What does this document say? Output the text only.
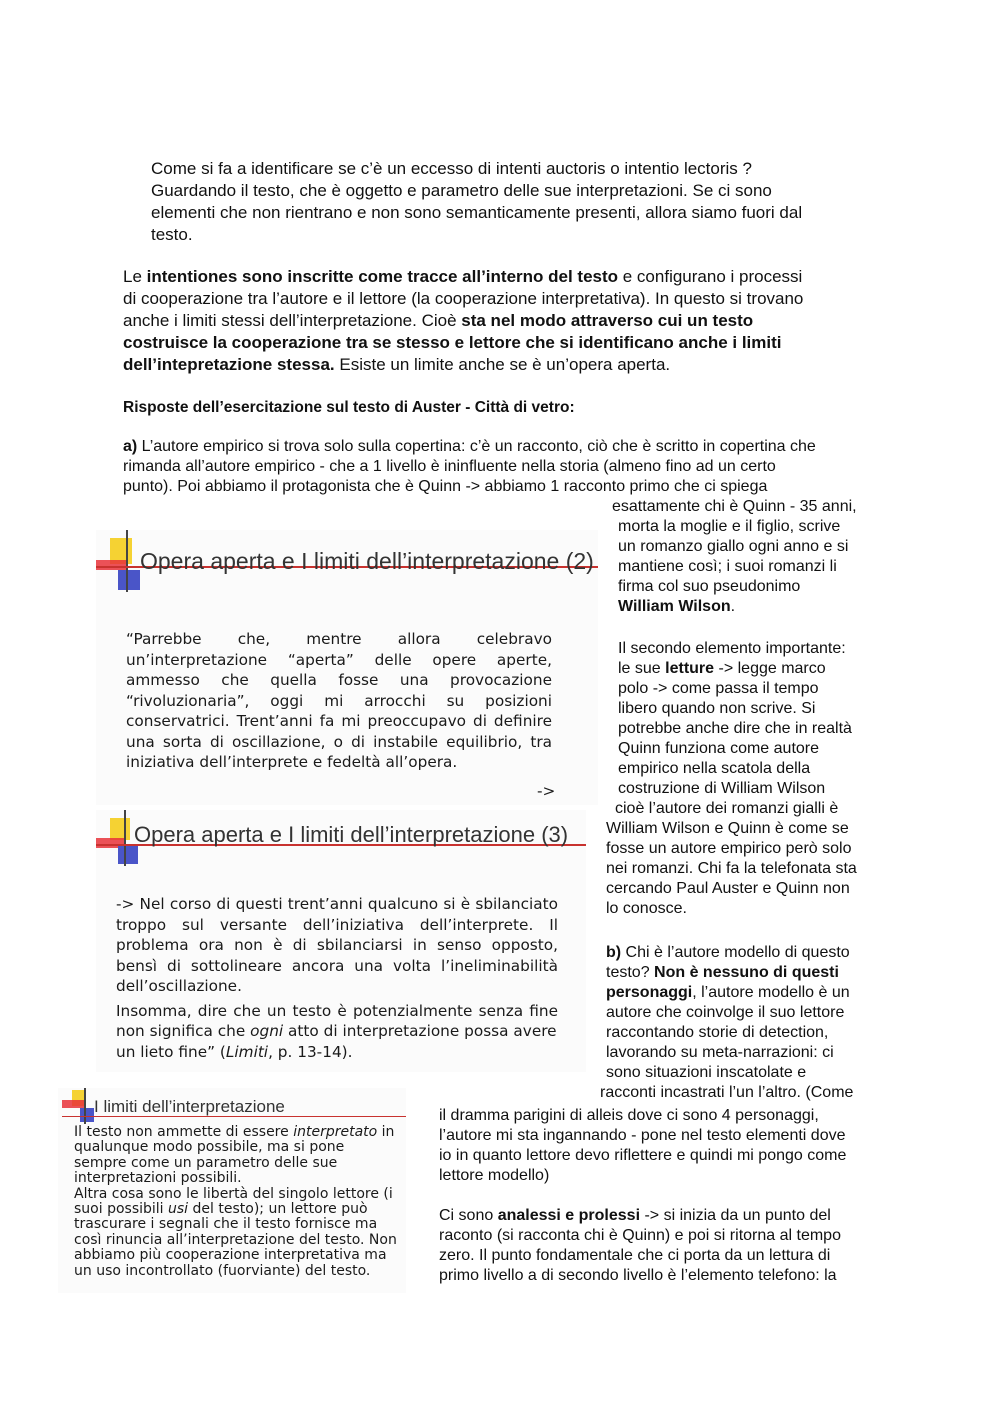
Come si fa a identificare se c’è un eccesso di intenti auctoris o intentio lectoris ?
Guardando il testo, che è oggetto e parametro delle sue interpretazioni. Se ci sono
elementi che non rientrano e non sono semanticamente presenti, allora siamo fuori dal
testo.
Le intentiones sono inscritte come tracce all’interno del testo e configurano i processi
di cooperazione tra l’autore e il lettore (la cooperazione interpretativa). In questo si trovano
anche i limiti stessi dell’interpretazione. Cioè sta nel modo attraverso cui un testo
costruisce la cooperazione tra se stesso e lettore che si identificano anche i limiti
dell’intepretazione stessa. Esiste un limite anche se è un’opera aperta.
Risposte dell’esercitazione sul testo di Auster - Città di vetro:
a) L’autore empirico si trova solo sulla copertina: c’è un racconto, ciò che è scritto in copertina che
rimanda all’autore empirico - che a 1 livello è ininfluente nella storia (almeno fino ad un certo
punto). Poi abbiamo il protagonista che è Quinn -> abbiamo 1 racconto primo che ci spiega
esattamente chi è Quinn - 35 anni,
morta la moglie e il figlio, scrive
un romanzo giallo ogni anno e si
mantiene così; i suoi romanzi li
firma col suo pseudonimo
William Wilson.
Il secondo elemento importante:
le sue letture -> legge marco
polo -> come passa il tempo
libero quando non scrive. Si
potrebbe anche dire che in realtà
Quinn funziona come autore
empirico nella scatola della
costruzione di William Wilson
cioè l’autore dei romanzi gialli è
William Wilson e Quinn è come se
fosse un autore empirico però solo
nei romanzi. Chi fa la telefonata sta
cercando Paul Auster e Quinn non
lo conosce.
b) Chi è l’autore modello di questo
testo? Non è nessuno di questi
personaggi, l’autore modello è un
autore che coinvolge il suo lettore
raccontando storie di detection,
lavorando su meta-narrazioni: ci
sono situazioni inscatolate e
racconti incastrati l’un l’altro. (Come
il dramma parigini di alleis dove ci sono 4 personaggi,
l’autore mi sta ingannando - pone nel testo elementi dove
io in quanto lettore devo riflettere e quindi mi pongo come
lettore modello)
Ci sono analessi e prolessi -> si inizia da un punto del
raconto (si racconta chi è Quinn) e poi si ritorna al tempo
zero. Il punto fondamentale che ci porta da un lettura di
primo livello a di secondo livello è l’elemento telefono: la
Opera aperta e I limiti dell’interpretazione (2)
“Parrebbe che, mentre allora celebravo
un’interpretazione “aperta” delle opere aperte,
ammesso che quella fosse una provocazione
“rivoluzionaria”, oggi mi arrocchi su posizioni
conservatrici. Trent’anni fa mi preoccupavo di definire
una sorta di oscillazione, o di instabile equilibrio, tra
iniziativa dell’interprete e fedeltà all’opera.
->
Opera aperta e I limiti dell’interpretazione (3)
-> Nel corso di questi trent’anni qualcuno si è sbilanciato
troppo sul versante dell’iniziativa dell’interprete. Il
problema ora non è di sbilanciarsi in senso opposto,
bensì di sottolineare ancora una volta l’ineliminabilità
dell’oscillazione.
Insomma, dire che un testo è potenzialmente senza fine
non significa che ogni atto di interpretazione possa avere
un lieto fine” (Limiti, p. 13-14).
I limiti dell’interpretazione
Il testo non ammette di essere interpretato in
qualunque modo possibile, ma si pone
sempre come un parametro delle sue
interpretazioni possibili.
Altra cosa sono le libertà del singolo lettore (i
suoi possibili usi del testo); un lettore può
trascurare i segnali che il testo fornisce ma
così rinuncia all’interpretazione del testo. Non
abbiamo più cooperazione interpretativa ma
un uso incontrollato (fuorviante) del testo.
